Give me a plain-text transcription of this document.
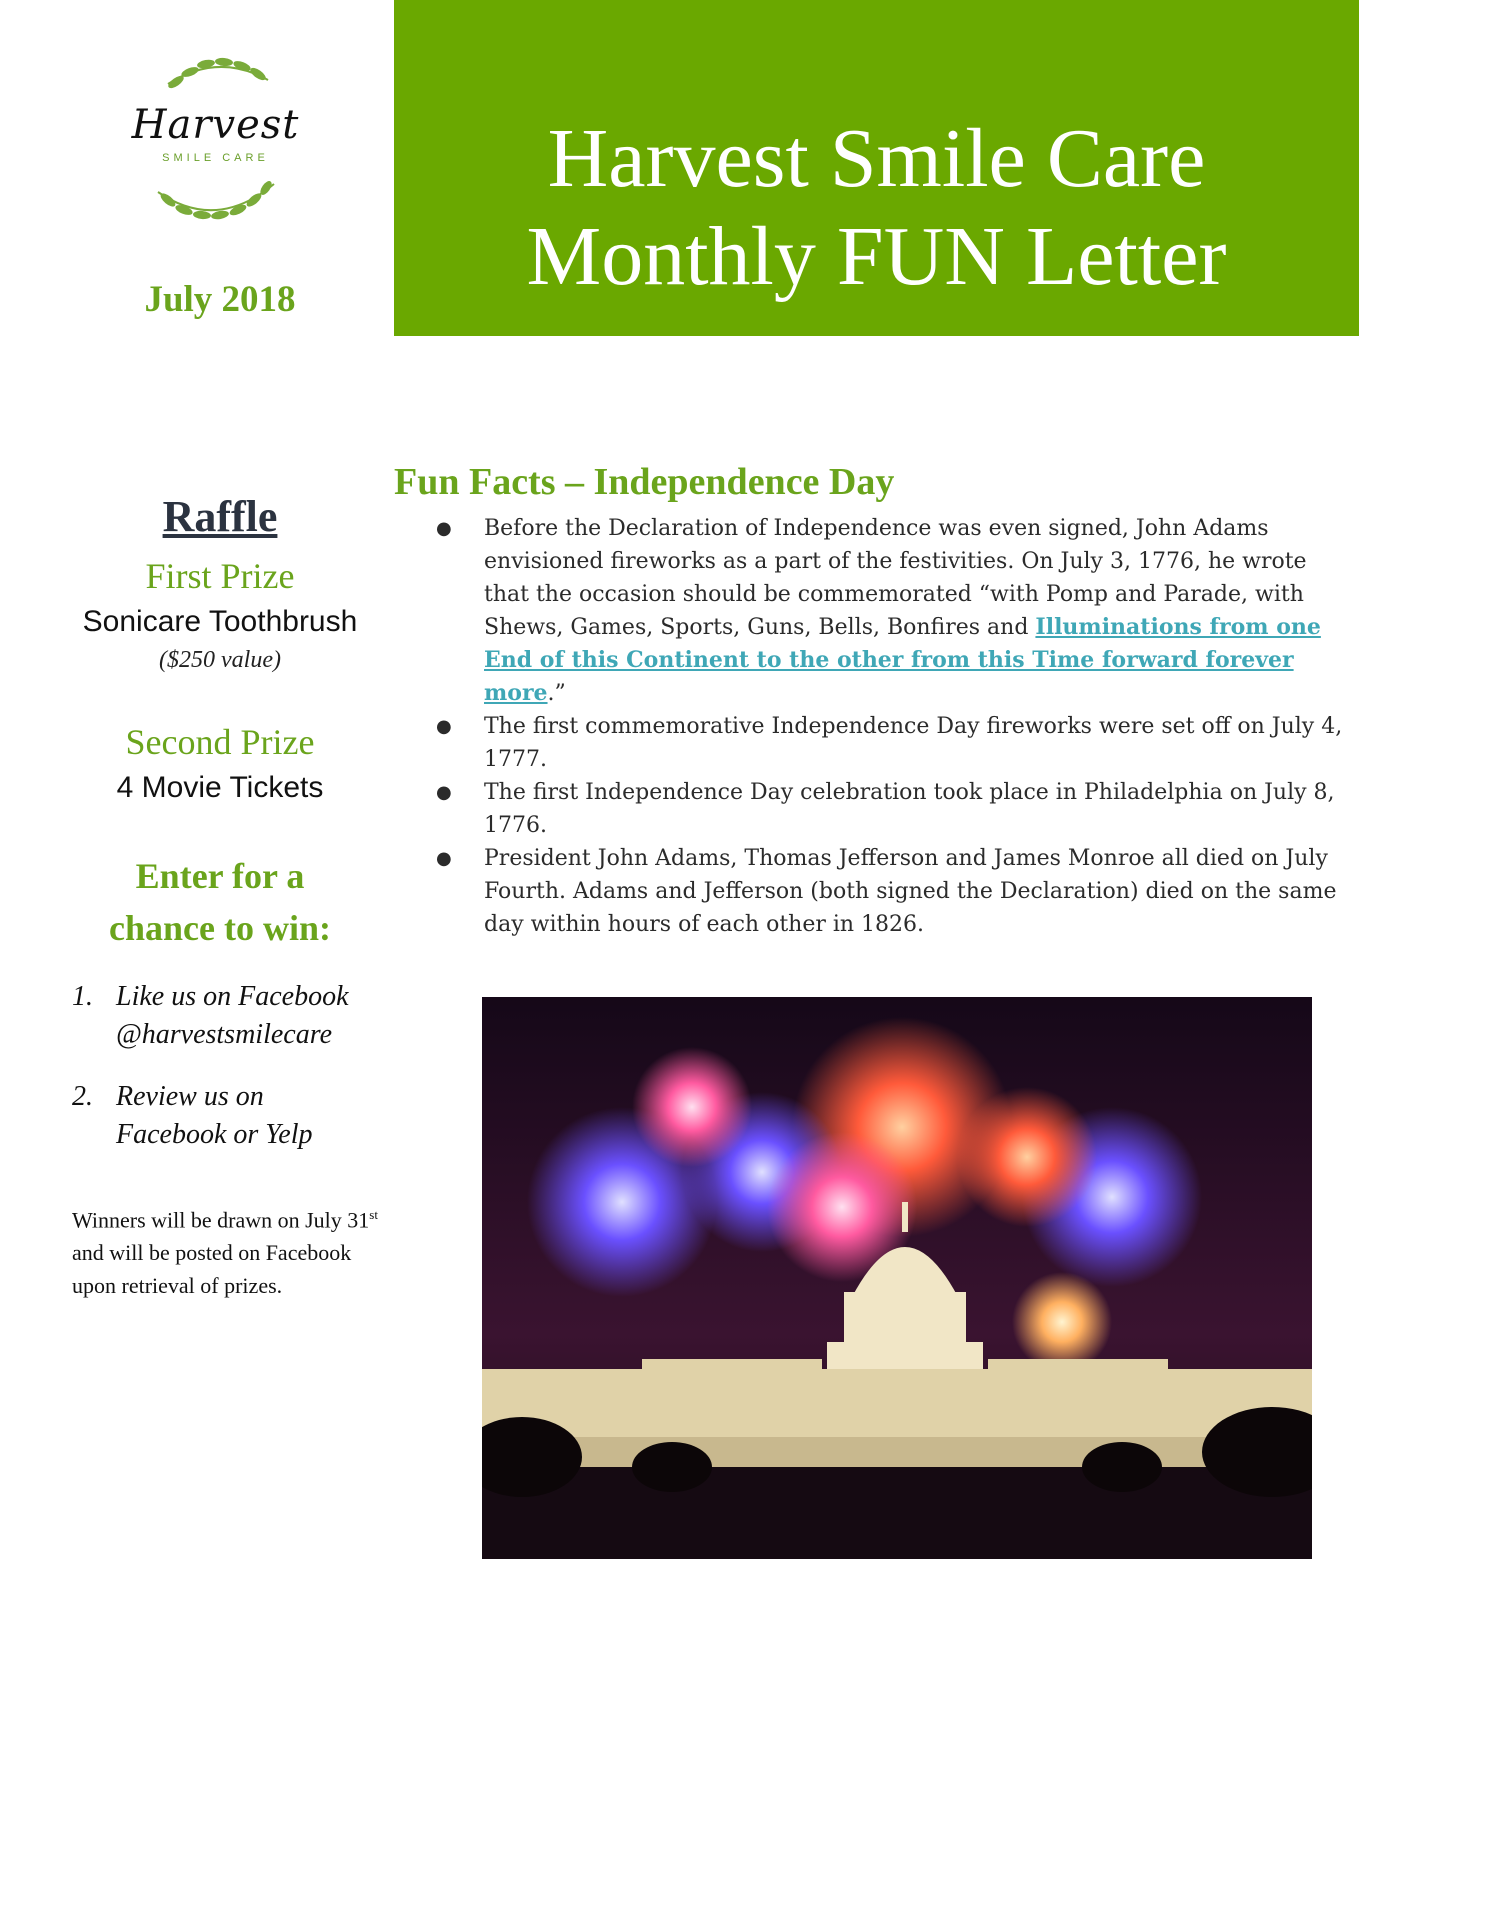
Harvest
SMILE CARE
July 2018
Harvest Smile Care
Monthly FUN Letter
Raffle
First Prize
Sonicare Toothbrush
($250 value)
Second Prize
4 Movie Tickets
Enter for a
chance to win:
1. Like us on Facebook
@harvestsmilecare
2. Review us on
Facebook or Yelp
Winners will be drawn on July 31st and will be posted on Facebook upon retrieval of prizes.
Fun Facts – Independence Day
●	Before the Declaration of Independence was even signed, John Adams envisioned fireworks as a part of the festivities. On July 3, 1776, he wrote that the occasion should be commemorated “with Pomp and Parade, with Shews, Games, Sports, Guns, Bells, Bonfires and Illuminations from one End of this Continent to the other from this Time forward forever more.”
●	The first commemorative Independence Day fireworks were set off on July 4, 1777.
●	The first Independence Day celebration took place in Philadelphia on July 8, 1776.
●	President John Adams, Thomas Jefferson and James Monroe all died on July Fourth. Adams and Jefferson (both signed the Declaration) died on the same day within hours of each other in 1826.
